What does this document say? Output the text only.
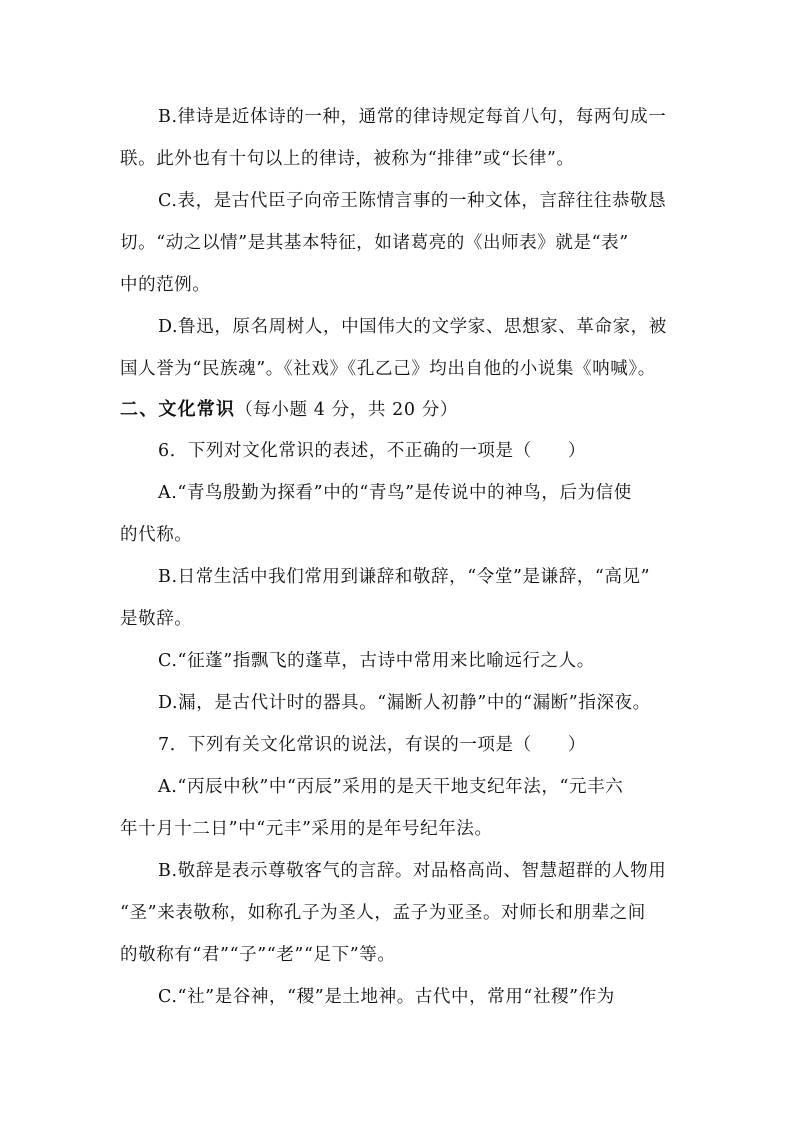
B.律诗是近体诗的一种，通常的律诗规定每首八句，每两句成一
联。此外也有十句以上的律诗，被称为“排律”或“长律”。
C.表，是古代臣子向帝王陈情言事的一种文体，言辞往往恭敬恳
切。“动之以情”是其基本特征，如诸葛亮的《出师表》就是“表”
中的范例。
D.鲁迅，原名周树人，中国伟大的文学家、思想家、革命家，被
国人誉为“民族魂”。《社戏》《孔乙己》均出自他的小说集《呐喊》。
二、文化常识（每小题 4 分，共 20 分）
6．下列对文化常识的表述，不正确的一项是（　　）
A.“青鸟殷勤为探看”中的“青鸟”是传说中的神鸟，后为信使
的代称。
B.日常生活中我们常用到谦辞和敬辞，“令堂”是谦辞，“高见”
是敬辞。
C.“征蓬”指飘飞的蓬草，古诗中常用来比喻远行之人。
D.漏，是古代计时的器具。“漏断人初静”中的“漏断”指深夜。
7．下列有关文化常识的说法，有误的一项是（　　）
A.“丙辰中秋”中“丙辰”采用的是天干地支纪年法，“元丰六
年十月十二日”中“元丰”采用的是年号纪年法。
B.敬辞是表示尊敬客气的言辞。对品格高尚、智慧超群的人物用
“圣”来表敬称，如称孔子为圣人，孟子为亚圣。对师长和朋辈之间
的敬称有“君”“子”“老”“足下”等。
C.“社”是谷神，“稷”是土地神。古代中，常用“社稷”作为
